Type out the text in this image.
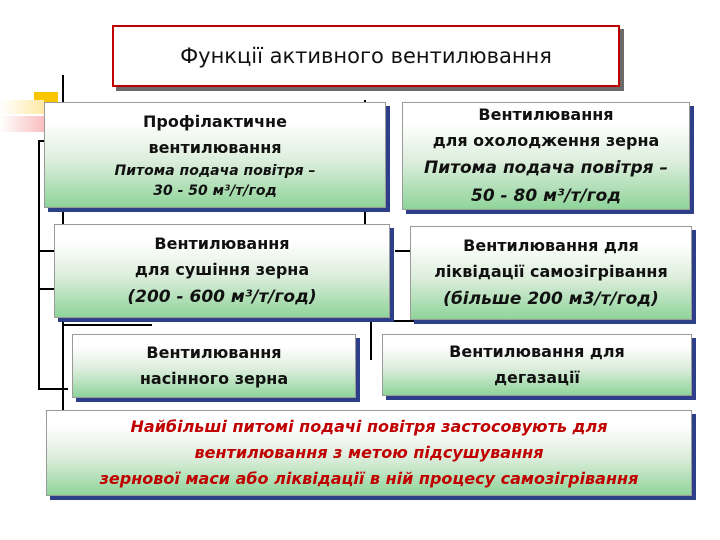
Функції активного вентилювання
Профілактичне
вентилювання
Питома подача повітря –
30 - 50 м³/т/год
Вентилювання
для охолодження зерна
Питома подача повітря –
50 - 80 м³/т/год
Вентилювання
для сушіння зерна
(200 - 600 м³/т/год)
Вентилювання для
ліквідації самозігрівання
(більше 200 м3/т/год)
Вентилювання
насінного зерна
Вентилювання для
дегазації
Найбільші питомі подачі повітря застосовують для
вентилювання з метою підсушування
зернової маси або ліквідації в ній процесу самозігрівання
